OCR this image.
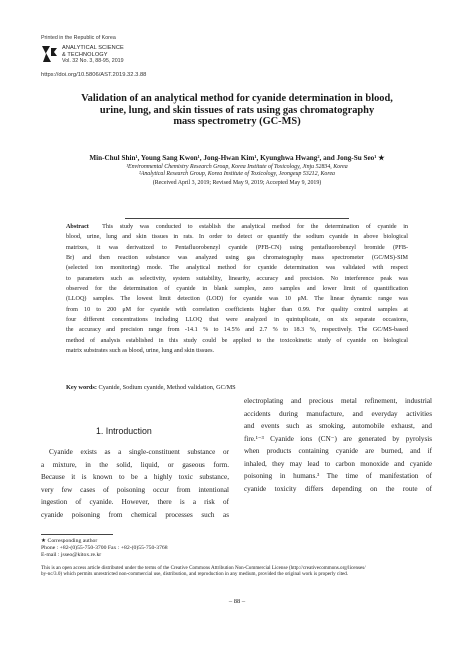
Printed in the Republic of Korea
ANALYTICAL SCIENCE
& TECHNOLOGY
Vol. 32 No. 3, 88-95, 2019
https://doi.org/10.5806/AST.2019.32.3.88
Validation of an analytical method for cyanide determination in blood,
urine, lung, and skin tissues of rats using gas chromatography
mass spectrometry (GC-MS)
Min-Chul Shin¹, Young Sang Kwon¹, Jong-Hwan Kim¹, Kyunghwa Hwang², and Jong-Su Seo¹ ★
¹Environmental Chemistry Research Group, Korea Institute of Toxicology, Jinju 52834, Korea
²Analytical Research Group, Korea Institute of Toxicology, Jeongeup 53212, Korea
(Received April 3, 2019; Revised May 9, 2019; Accepted May 9, 2019)
Abstract This study was conducted to establish the analytical method for the determination of cyanide in
blood, urine, lung and skin tissues in rats. In order to detect or quantify the sodium cyanide in above biological
matrixes, it was derivatized to Pentafluorobenzyl cyanide (PFB-CN) using pentafluorobenzyl bromide (PFB-
Br) and then reaction substance was analyzed using gas chromatography mass spectrometer (GC/MS)-SIM
(selected ion monitoring) mode. The analytical method for cyanide determination was validated with respect
to parameters such as selectivity, system suitability, linearity, accuracy and precision. No interference peak was
observed for the determination of cyanide in blank samples, zero samples and lower limit of quantification
(LLOQ) samples. The lowest limit detection (LOD) for cyanide was 10 μM. The linear dynamic range was
from 10 to 200 μM for cyanide with correlation coefficients higher than 0.99. For quality control samples at
four different concentrations including LLOQ that were analyzed in quintuplicate, on six separate occasions,
the accuracy and precision range from -14.1 % to 14.5% and 2.7 % to 18.3 %, respectively. The GC/MS-based
method of analysis established in this study could be applied to the toxicokinetic study of cyanide on biological
matrix substrates such as blood, urine, lung and skin tissues.
Key words: Cyanide, Sodium cyanide, Method validation, GC/MS
1. Introduction
Cyanide exists as a single-constituent substance or
a mixture, in the solid, liquid, or gaseous form.
Because it is known to be a highly toxic substance,
very few cases of poisoning occur from intentional
ingestion of cyanide. However, there is a risk of
cyanide poisoning from chemical processes such as
electroplating and precious metal refinement, industrial
accidents during manufacture, and everyday activities
and events such as smoking, automobile exhaust, and
fire.¹⁻³ Cyanide ions (CN⁻) are generated by pyrolysis
when products containing cyanide are burned, and if
inhaled, they may lead to carbon monoxide and cyanide
poisoning in humans.³ The time of manifestation of
cyanide toxicity differs depending on the route of
★ Corresponding author
Phone : +82-(0)55-750-3700 Fax : +82-(0)55-750-3768
E-mail : jsseo@kitox.re.kr
This is an open access article distributed under the terms of the Creative Commons Attribution Non-Commercial License (http://creativecommons.org/licenses/
by-nc/3.0) which permits unrestricted non-commercial use, distribution, and reproduction in any medium, provided the original work is properly cited.
– 88 –
